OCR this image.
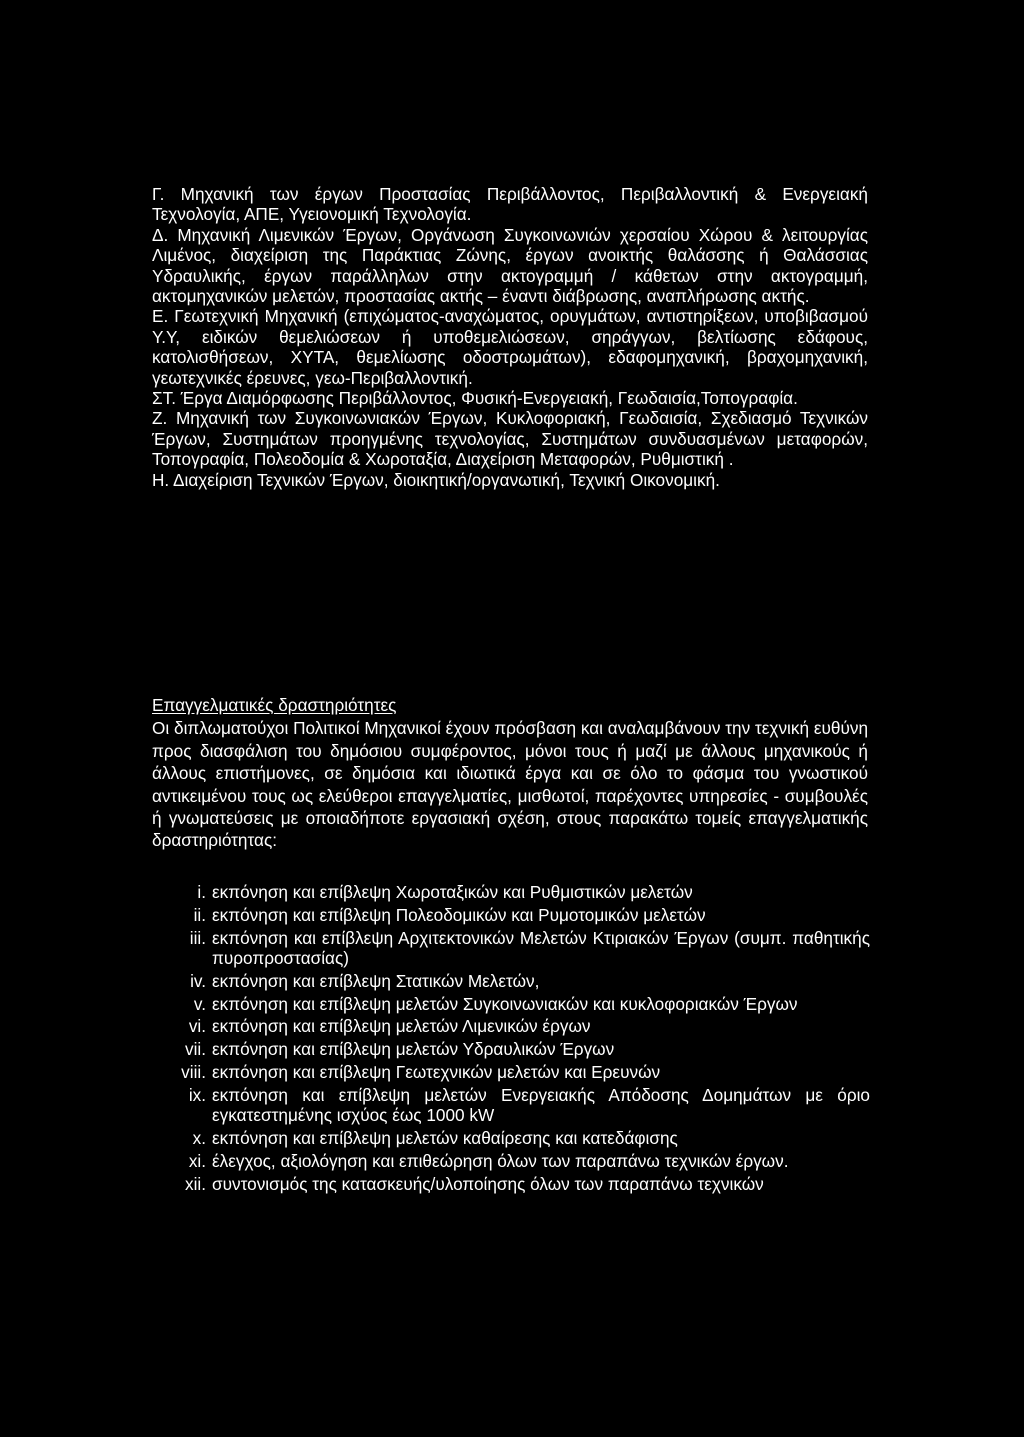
Γ. Μηχανική των έργων Προστασίας Περιβάλλοντος, Περιβαλλοντική & Ενεργειακή Τεχνολογία, ΑΠΕ, Υγειονομική Τεχνολογία.

Δ. Μηχανική Λιμενικών Έργων, Οργάνωση Συγκοινωνιών χερσαίου Χώρου & λειτουργίας Λιμένος, διαχείριση της Παράκτιας Ζώνης, έργων ανοικτής θαλάσσης ή Θαλάσσιας Υδραυλικής, έργων παράλληλων στην ακτογραμμή / κάθετων στην ακτογραμμή, ακτομηχανικών μελετών, προστασίας ακτής – έναντι διάβρωσης, αναπλήρωσης ακτής.

Ε. Γεωτεχνική Μηχανική (επιχώματος-αναχώματος, ορυγμάτων, αντιστηρίξεων, υποβιβασμού Υ.Υ, ειδικών θεμελιώσεων ή υποθεμελιώσεων, σηράγγων, βελτίωσης εδάφους, κατολισθήσεων, ΧΥΤΑ, θεμελίωσης οδοστρωμάτων), εδαφομηχανική, βραχομηχανική, γεωτεχνικές έρευνες, γεω-Περιβαλλοντική.

ΣΤ. Έργα Διαμόρφωσης Περιβάλλοντος, Φυσική-Ενεργειακή, Γεωδαισία,Τοπογραφία.

Ζ. Μηχανική των Συγκοινωνιακών Έργων, Κυκλοφοριακή, Γεωδαισία, Σχεδιασμό Τεχνικών Έργων, Συστημάτων προηγμένης τεχνολογίας, Συστημάτων συνδυασμένων μεταφορών, Τοπογραφία, Πολεοδομία & Χωροταξία, Διαχείριση Μεταφορών, Ρυθμιστική .

Η. Διαχείριση Τεχνικών Έργων, διοικητική/οργανωτική, Τεχνική Οικονομική.

Επαγγελματικές δραστηριότητες

Οι διπλωματούχοι Πολιτικοί Μηχανικοί έχουν πρόσβαση και αναλαμβάνουν την τεχνική ευθύνη προς διασφάλιση του δημόσιου συμφέροντος, μόνοι τους ή μαζί με άλλους μηχανικούς ή άλλους επιστήμονες, σε δημόσια και ιδιωτικά έργα και σε όλο το φάσμα του γνωστικού αντικειμένου τους ως ελεύθεροι επαγγελματίες, μισθωτοί, παρέχοντες υπηρεσίες - συμβουλές ή γνωματεύσεις με οποιαδήποτε εργασιακή σχέση, στους παρακάτω τομείς επαγγελματικής δραστηριότητας:

i. εκπόνηση και επίβλεψη Χωροταξικών και Ρυθμιστικών μελετών
ii. εκπόνηση και επίβλεψη Πολεοδομικών και Ρυμοτομικών μελετών
iii. εκπόνηση και επίβλεψη Αρχιτεκτονικών Μελετών Κτιριακών Έργων (συμπ. παθητικής πυροπροστασίας)
iv. εκπόνηση και επίβλεψη Στατικών Μελετών,
v. εκπόνηση και επίβλεψη μελετών Συγκοινωνιακών και κυκλοφοριακών Έργων
vi. εκπόνηση και επίβλεψη μελετών Λιμενικών έργων
vii. εκπόνηση και επίβλεψη μελετών Υδραυλικών Έργων
viii. εκπόνηση και επίβλεψη Γεωτεχνικών μελετών και Ερευνών
ix. εκπόνηση και επίβλεψη μελετών Ενεργειακής Απόδοσης Δομημάτων με όριο εγκατεστημένης ισχύος έως 1000 kW
x. εκπόνηση και επίβλεψη μελετών καθαίρεσης και κατεδάφισης
xi. έλεγχος, αξιολόγηση και επιθεώρηση όλων των παραπάνω τεχνικών έργων.
xii. συντονισμός της κατασκευής/υλοποίησης όλων των παραπάνω τεχνικών
